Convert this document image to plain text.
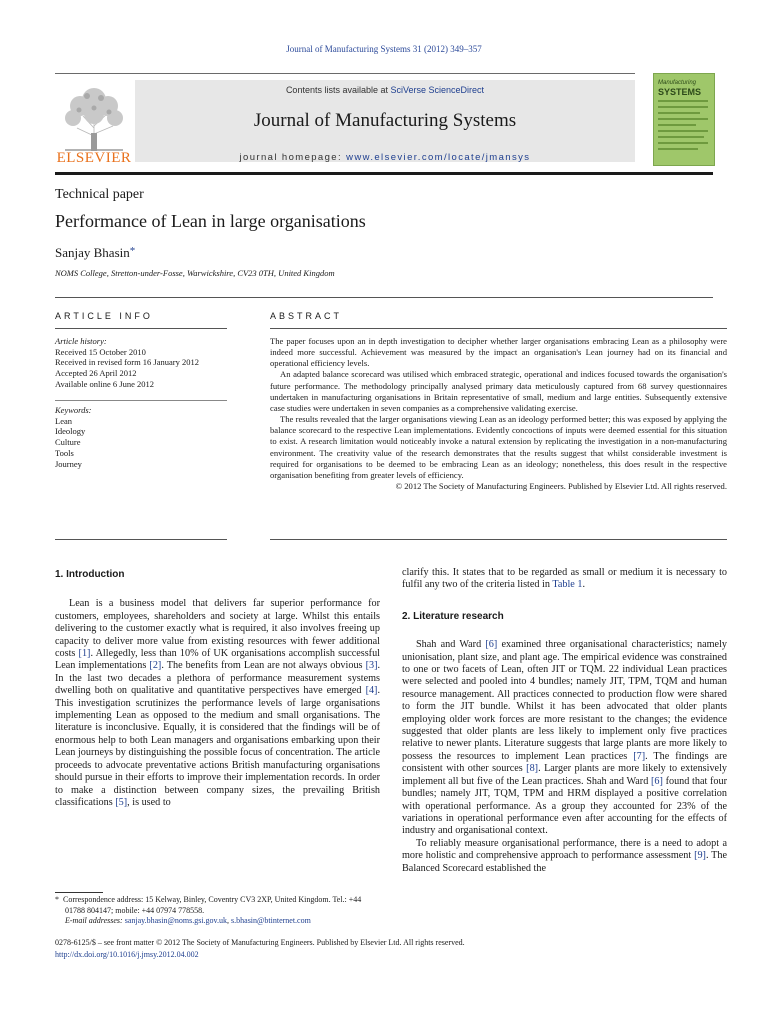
Journal of Manufacturing Systems 31 (2012) 349–357
ELSEVIER
Contents lists available at SciVerse ScienceDirect
Journal of Manufacturing Systems
journal homepage: www.elsevier.com/locate/jmansys
Manufacturing
SYSTEMS
Technical paper
Performance of Lean in large organisations
Sanjay Bhasin*
NOMS College, Stretton-under-Fosse, Warwickshire, CV23 0TH, United Kingdom
ARTICLE INFO	ABSTRACT
Article history:
Received 15 October 2010
Received in revised form 16 January 2012
Accepted 26 April 2012
Available online 6 June 2012
Keywords:
Lean
Ideology
Culture
Tools
Journey

The paper focuses upon an in depth investigation to decipher whether larger organisations embracing Lean as a philosophy were indeed more successful. Achievement was measured by the impact an organisation's Lean journey had on its financial and operational efficiency levels.

An adapted balance scorecard was utilised which embraced strategic, operational and indices focused towards the organisation's future performance. The methodology principally analysed primary data meticulously captured from 68 survey questionnaires undertaken in manufacturing organisations in Britain representative of small, medium and large entities. Subsequently extensive case studies were undertaken in seven companies as a comprehensive validating exercise.

The results revealed that the larger organisations viewing Lean as an ideology performed better; this was exposed by applying the balance scorecard to the respective Lean implementations. Evidently concoctions of inputs were deemed essential for this situation to exist. A research limitation would noticeably invoke a natural extension by replicating the investigation in a non-manufacturing environment. The creativity value of the research demonstrates that the results suggest that whilst considerable investment is required for organisations to be deemed to be embracing Lean as an ideology; nonetheless, this does result in the respective organisation benefiting from greater levels of efficiency.

© 2012 The Society of Manufacturing Engineers. Published by Elsevier Ltd. All rights reserved.

1. Introduction

Lean is a business model that delivers far superior performance for customers, employees, shareholders and society at large. Whilst this entails delivering to the customer exactly what is required, it also involves freeing up capacity to deliver more value from existing resources with fewer additional costs [1]. Allegedly, less than 10% of UK organisations accomplish successful Lean implementations [2]. The benefits from Lean are not always obvious [3]. In the last two decades a plethora of performance measurement systems dwelling both on qualitative and quantitative perspectives have emerged [4]. This investigation scrutinizes the performance levels of large organisations implementing Lean as opposed to the medium and small organisations. The literature is inconclusive. Equally, it is considered that the findings will be of enormous help to both Lean managers and organisations embarking upon their Lean journeys by distinguishing the possible focus of concentration. The article proceeds to advocate preventative actions British manufacturing organisations should pursue in their efforts to improve their implementation records. In order to make a distinction between company sizes, the prevailing British classifications [5], is used to

clarify this. It states that to be regarded as small or medium it is necessary to fulfil any two of the criteria listed in Table 1.

2. Literature research

Shah and Ward [6] examined three organisational characteristics; namely unionisation, plant size, and plant age. The empirical evidence was constrained to one or two facets of Lean, often JIT or TQM. 22 individual Lean practices were selected and pooled into 4 bundles; namely JIT, TPM, TQM and human resource management. All practices connected to production flow were shared to form the JIT bundle. Whilst it has been advocated that older plants employing older work forces are more resistant to the changes; the evidence suggested that older plants are less likely to implement only five practices relative to newer plants. Literature suggests that large plants are more likely to possess the resources to implement Lean practices [7]. The findings are consistent with other sources [8]. Larger plants are more likely to extensively implement all but five of the Lean practices. Shah and Ward [6] found that four bundles; namely JIT, TQM, TPM and HRM displayed a positive correlation with operational performance. As a group they accounted for 23% of the variations in operational performance even after accounting for the effects of industry and organisational context.

To reliably measure organisational performance, there is a need to adopt a more holistic and comprehensive approach to performance assessment [9]. The Balanced Scorecard established the

* Correspondence address: 15 Kelway, Binley, Coventry CV3 2XP, United Kingdom. Tel.: +44 01788 804147; mobile: +44 07974 778558.
E-mail addresses: sanjay.bhasin@noms.gsi.gov.uk, s.bhasin@btinternet.com
0278-6125/$ – see front matter © 2012 The Society of Manufacturing Engineers. Published by Elsevier Ltd. All rights reserved.
http://dx.doi.org/10.1016/j.jmsy.2012.04.002
